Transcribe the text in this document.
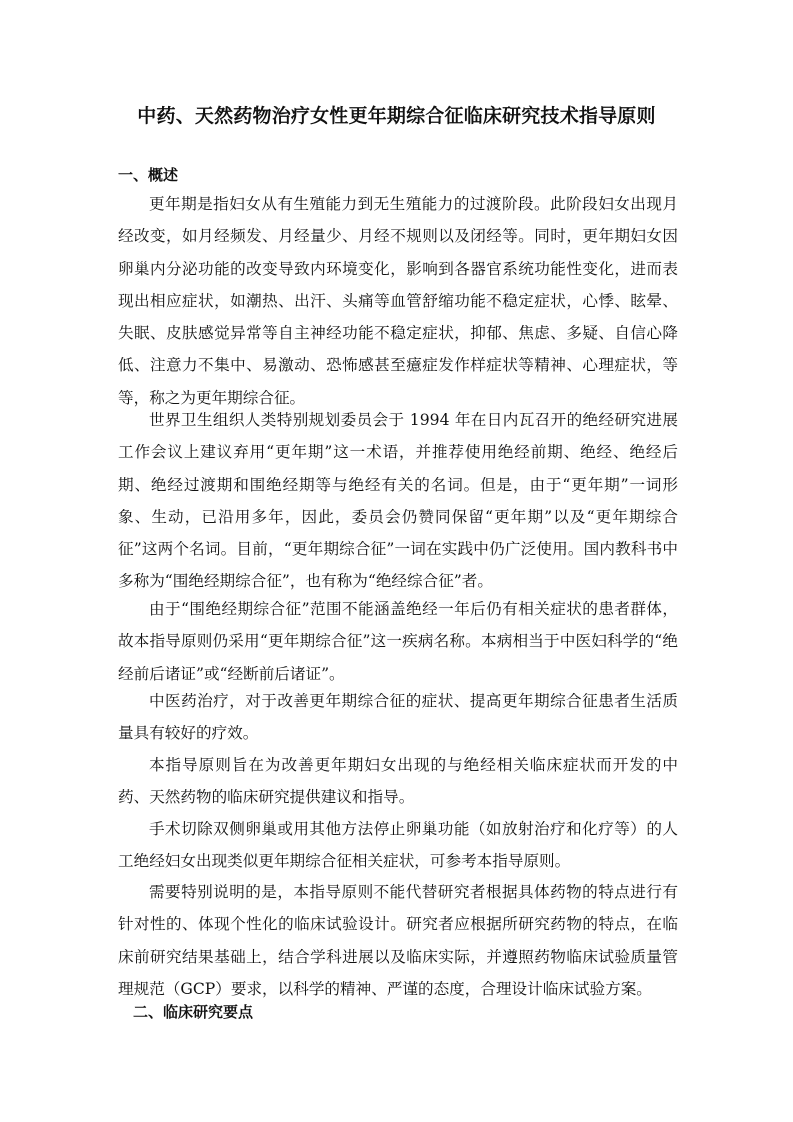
中药、天然药物治疗女性更年期综合征临床研究技术指导原则
一、概述

更年期是指妇女从有生殖能力到无生殖能力的过渡阶段。此阶段妇女出现月经改变，如月经频发、月经量少、月经不规则以及闭经等。同时，更年期妇女因卵巢内分泌功能的改变导致内环境变化，影响到各器官系统功能性变化，进而表现出相应症状，如潮热、出汗、头痛等血管舒缩功能不稳定症状，心悸、眩晕、失眠、皮肤感觉异常等自主神经功能不稳定症状，抑郁、焦虑、多疑、自信心降低、注意力不集中、易激动、恐怖感甚至癔症发作样症状等精神、心理症状，等等，称之为更年期综合征。

世界卫生组织人类特别规划委员会于 1994 年在日内瓦召开的绝经研究进展工作会议上建议弃用“更年期”这一术语，并推荐使用绝经前期、绝经、绝经后期、绝经过渡期和围绝经期等与绝经有关的名词。但是，由于“更年期”一词形象、生动，已沿用多年，因此，委员会仍赞同保留“更年期”以及“更年期综合征”这两个名词。目前，“更年期综合征”一词在实践中仍广泛使用。国内教科书中多称为“围绝经期综合征”，也有称为“绝经综合征”者。

由于“围绝经期综合征”范围不能涵盖绝经一年后仍有相关症状的患者群体，故本指导原则仍采用“更年期综合征”这一疾病名称。本病相当于中医妇科学的“绝经前后诸证”或“经断前后诸证”。

中医药治疗，对于改善更年期综合征的症状、提高更年期综合征患者生活质量具有较好的疗效。

本指导原则旨在为改善更年期妇女出现的与绝经相关临床症状而开发的中药、天然药物的临床研究提供建议和指导。

手术切除双侧卵巢或用其他方法停止卵巢功能（如放射治疗和化疗等）的人工绝经妇女出现类似更年期综合征相关症状，可参考本指导原则。

需要特别说明的是，本指导原则不能代替研究者根据具体药物的特点进行有针对性的、体现个性化的临床试验设计。研究者应根据所研究药物的特点，在临床前研究结果基础上，结合学科进展以及临床实际，并遵照药物临床试验质量管理规范（GCP）要求，以科学的精神、严谨的态度，合理设计临床试验方案。

二、临床研究要点
